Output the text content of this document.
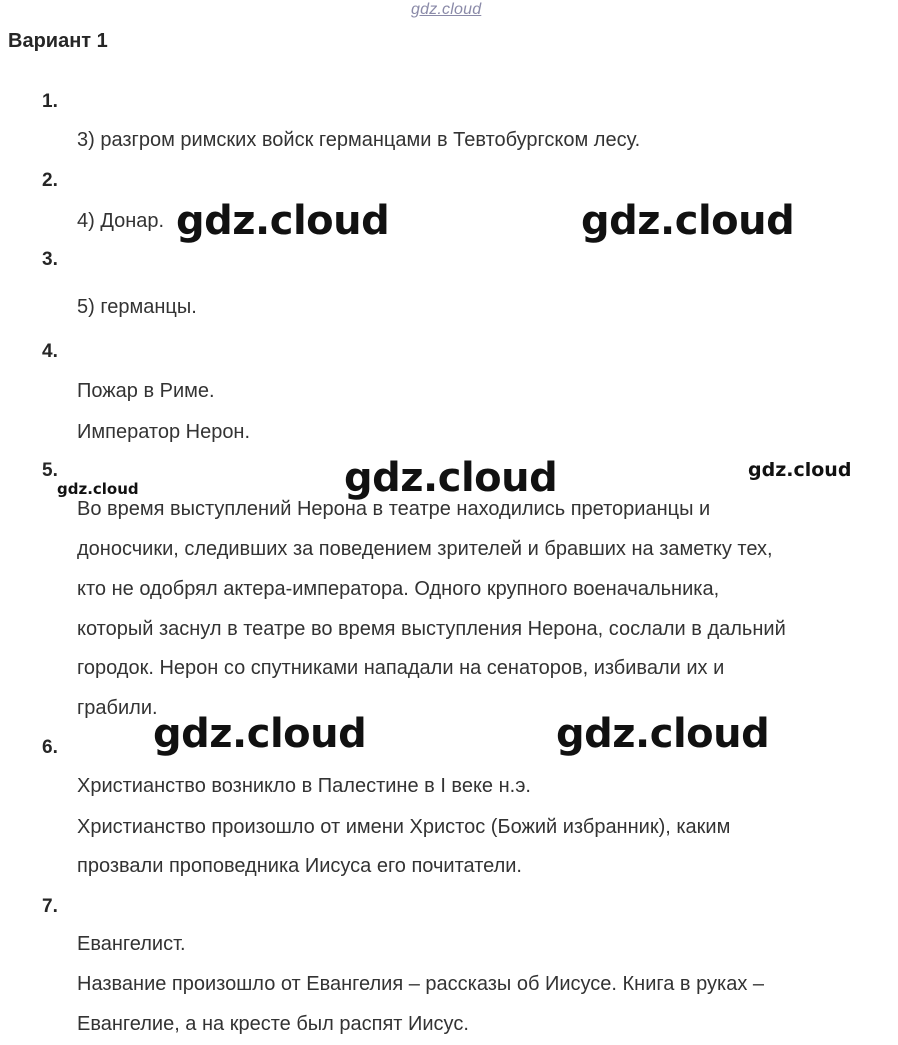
gdz.cloud
Вариант 1
1.
3) разгром римских войск германцами в Тевтобургском лесу.
2.
4) Донар.
3.
5) германцы.
4.
Пожар в Риме.
Император Нерон.
5.
Во время выступлений Нерона в театре находились преторианцы и
доносчики, следивших за поведением зрителей и бравших на заметку тех,
кто не одобрял актера-императора. Одного крупного военачальника,
который заснул в театре во время выступления Нерона, сослали в дальний
городок. Нерон со спутниками нападали на сенаторов, избивали их и
грабили.
6.
Христианство возникло в Палестине в I веке н.э.
Христианство произошло от имени Христос (Божий избранник), каким
прозвали проповедника Иисуса его почитатели.
7.
Евангелист.
Название произошло от Евангелия – рассказы об Иисусе. Книга в руках –
Евангелие, а на кресте был распят Иисус.
gdz.cloud	gdz.cloud
gdz.cloud	gdz.cloud
gdz.cloud
gdz.cloud	gdz.cloud
